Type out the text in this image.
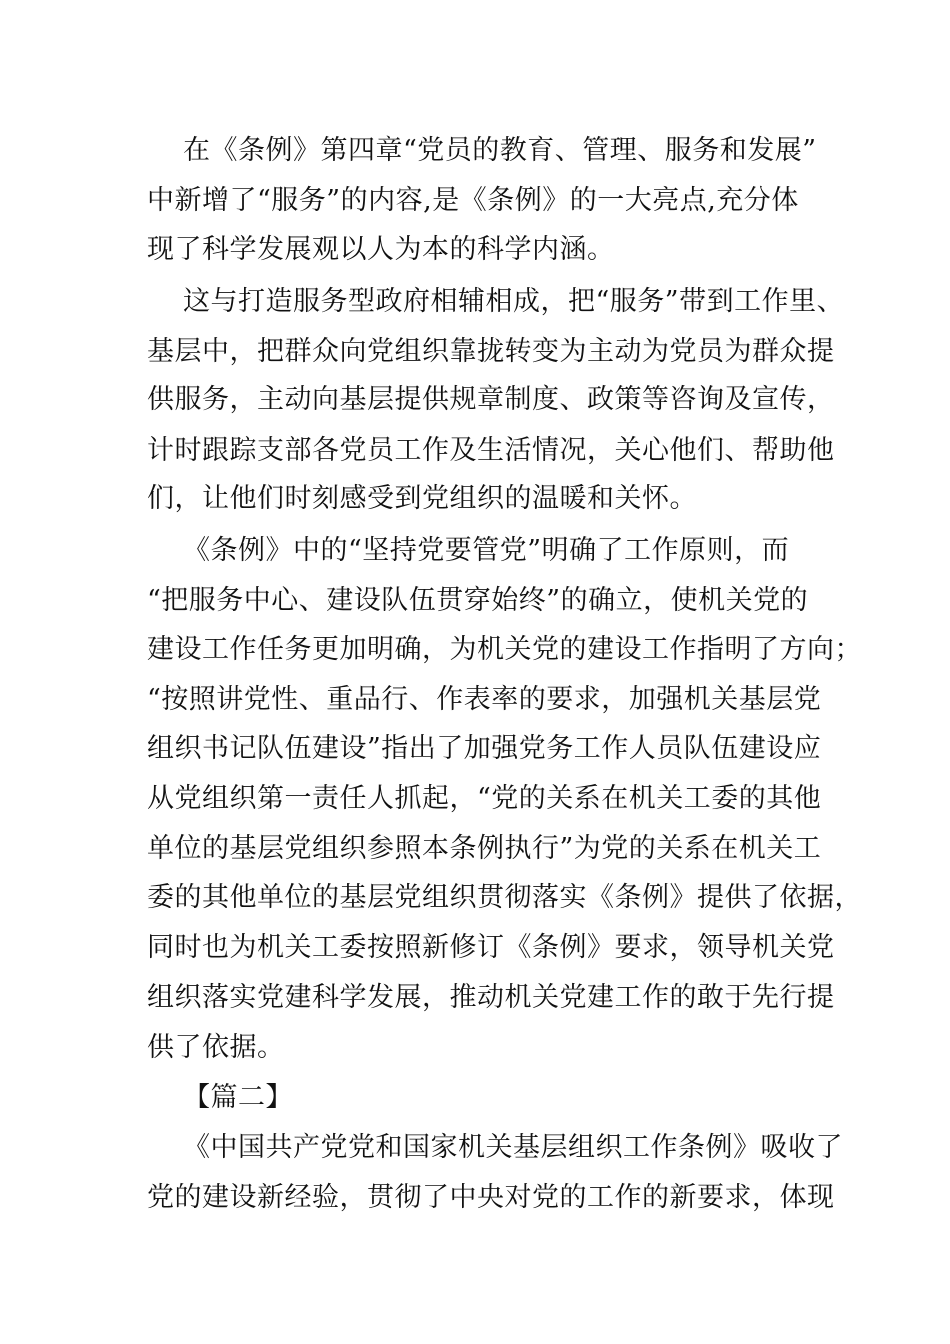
在《条例》第四章“党员的教育、管理、服务和发展”
中新增了“服务”的内容,是《条例》的一大亮点,充分体
现了科学发展观以人为本的科学内涵。
这与打造服务型政府相辅相成，把“服务”带到工作里、
基层中，把群众向党组织靠拢转变为主动为党员为群众提
供服务，主动向基层提供规章制度、政策等咨询及宣传，
计时跟踪支部各党员工作及生活情况，关心他们、帮助他
们，让他们时刻感受到党组织的温暖和关怀。
《条例》中的“坚持党要管党”明确了工作原则，而
“把服务中心、建设队伍贯穿始终”的确立，使机关党的
建设工作任务更加明确，为机关党的建设工作指明了方向；
“按照讲党性、重品行、作表率的要求，加强机关基层党
组织书记队伍建设”指出了加强党务工作人员队伍建设应
从党组织第一责任人抓起，“党的关系在机关工委的其他
单位的基层党组织参照本条例执行”为党的关系在机关工
委的其他单位的基层党组织贯彻落实《条例》提供了依据，
同时也为机关工委按照新修订《条例》要求，领导机关党
组织落实党建科学发展，推动机关党建工作的敢于先行提
供了依据。
【篇二】
《中国共产党党和国家机关基层组织工作条例》吸收了
党的建设新经验，贯彻了中央对党的工作的新要求，体现
